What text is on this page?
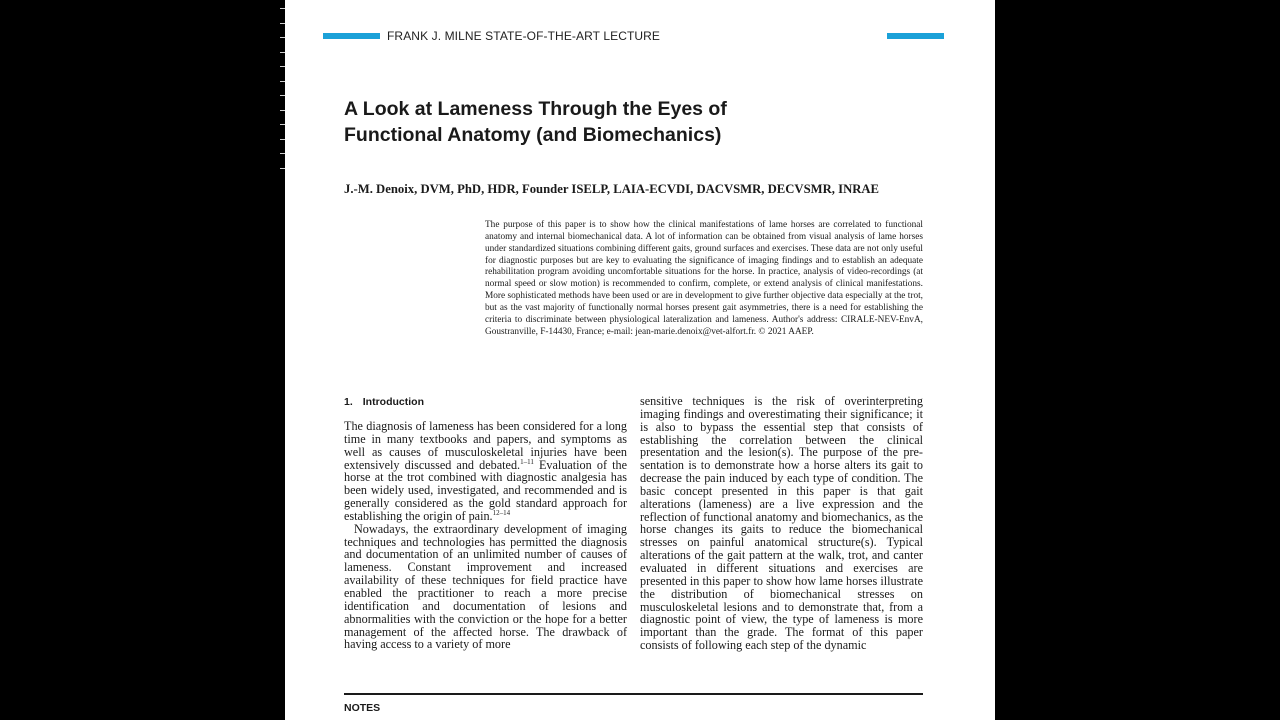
FRANK J. MILNE STATE-OF-THE-ART LECTURE
A Look at Lameness Through the Eyes of
Functional Anatomy (and Biomechanics)
J.-M. Denoix, DVM, PhD, HDR, Founder ISELP, LAIA-ECVDI, DACVSMR, DECVSMR, INRAE
The purpose of this paper is to show how the clinical manifestations of lame horses are correlated to functional anatomy and internal biomechanical data. A lot of information can be obtained from visual analysis of lame horses under standardized situations combining different gaits, ground surfaces and exercises. These data are not only useful for diagnostic purposes but are key to evaluating the significance of imaging findings and to establish an adequate rehabilitation program avoiding uncomfortable situations for the horse. In practice, analysis of video-recordings (at normal speed or slow motion) is recommended to confirm, complete, or extend analysis of clinical manifestations. More sophisticated methods have been used or are in development to give further objective data especially at the trot, but as the vast majority of functionally normal horses present gait asymmetries, there is a need for establishing the criteria to discriminate between physiological lateralization and lameness. Author's address: CIRALE-NEV-EnvA, Goustranville, F-14430, France; e-mail: jean-marie.denoix@vet-alfort.fr. © 2021 AAEP.
1. Introduction

The diagnosis of lameness has been considered for a long time in many textbooks and papers, and symptoms as well as causes of musculoskeletal injuries have been extensively discussed and debated.$^{1-11}$ Evaluation of the horse at the trot combined with diagnostic analgesia has been widely used, investigated, and recommended and is generally considered as the gold standard approach for establishing the origin of pain.$^{12-14}$

Nowadays, the extraordinary development of imaging techniques and technologies has permitted the diagnosis and documentation of an unlimited number of causes of lameness. Constant improvement and increased availability of these techniques for field practice have enabled the practitioner to reach a more precise identification and documentation of lesions and abnormalities with the conviction or the hope for a better management of the affected horse. The drawback of having access to a variety of more

sensitive techniques is the risk of overinterpreting imaging findings and overestimating their significance; it is also to bypass the essential step that consists of establishing the correlation between the clinical presentation and the lesion(s). The purpose of the pre-sentation is to demonstrate how a horse alters its gait to decrease the pain induced by each type of condition. The basic concept presented in this paper is that gait alterations (lameness) are a live expression and the reflection of functional anatomy and biomechanics, as the horse changes its gaits to reduce the biomechanical stresses on painful anatomical structure(s). Typical alterations of the gait pattern at the walk, trot, and canter evaluated in different situations and exercises are presented in this paper to show how lame horses illustrate the distribution of biomechanical stresses on musculoskeletal lesions and to demonstrate that, from a diagnostic point of view, the type of lameness is more important than the grade. The format of this paper consists of following each step of the dynamic

NOTES
